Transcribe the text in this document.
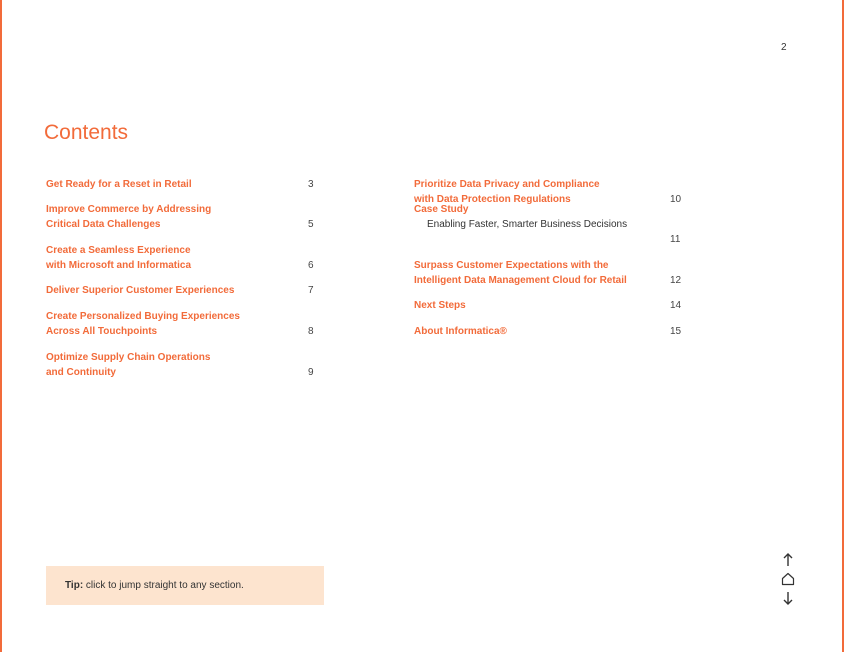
2
Contents
Get Ready for a Reset in Retail	3
Improve Commerce by Addressing
Critical Data Challenges	5
Create a Seamless Experience
with Microsoft and Informatica	6
Deliver Superior Customer Experiences	7
Create Personalized Buying Experiences
Across All Touchpoints	8
Optimize Supply Chain Operations
and Continuity	9
Prioritize Data Privacy and Compliance
with Data Protection Regulations	10

Case Study

Enabling Faster, Smarter Business Decisions

11
Surpass Customer Expectations with the
Intelligent Data Management Cloud for Retail	12
Next Steps	14
About Informatica®	15
Tip: click to jump straight to any section.
